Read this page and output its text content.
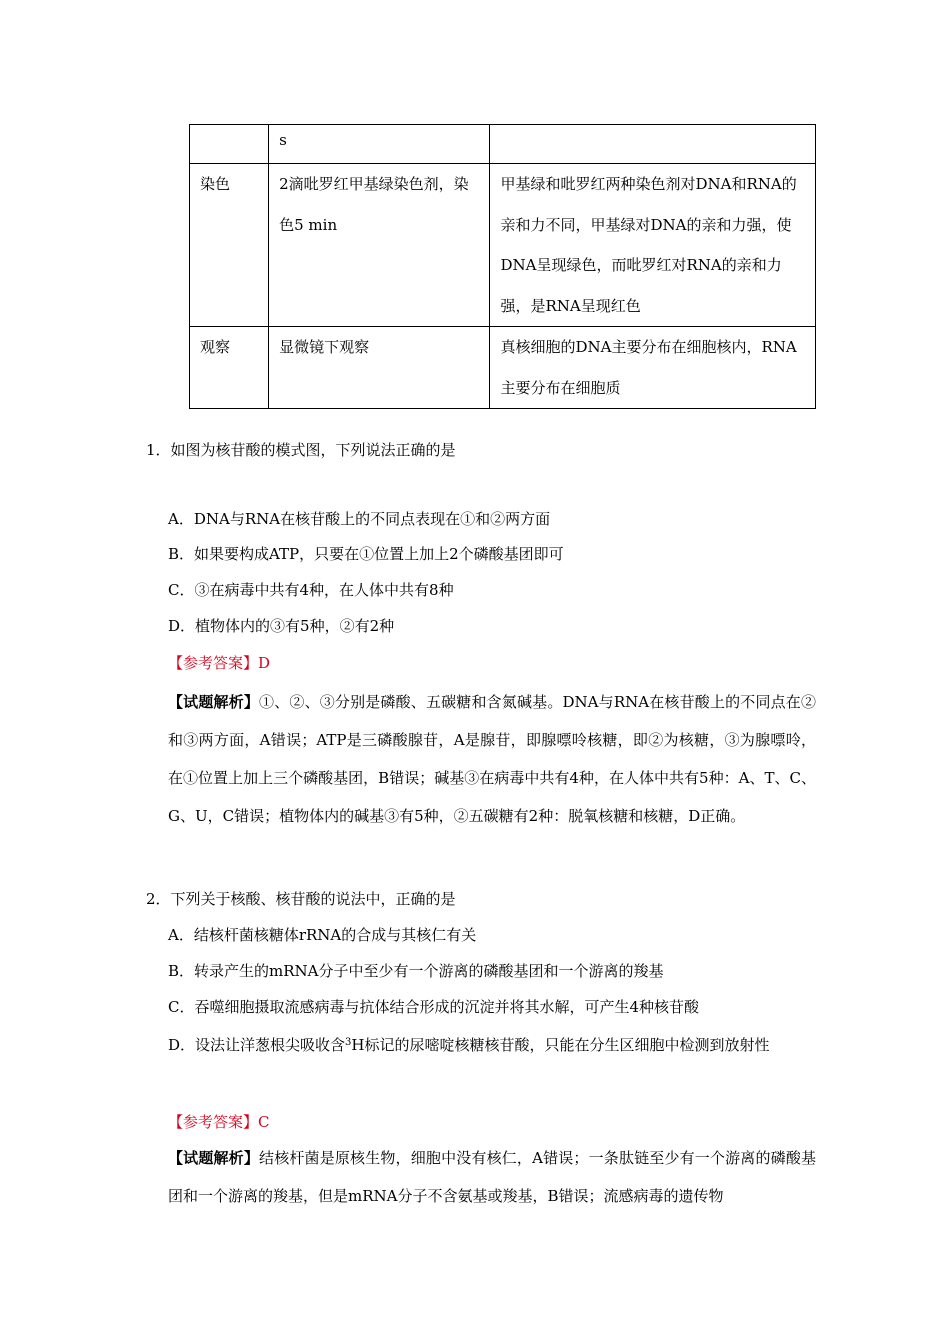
	s	
染色	2滴吡罗红甲基绿染色剂，染色5 min	甲基绿和吡罗红两种染色剂对DNA和RNA的亲和力不同，甲基绿对DNA的亲和力强，使DNA呈现绿色，而吡罗红对RNA的亲和力强，是RNA呈现红色
观察	显微镜下观察	真核细胞的DNA主要分布在细胞核内，RNA主要分布在细胞质
1．如图为核苷酸的模式图，下列说法正确的是
A．DNA与RNA在核苷酸上的不同点表现在①和②两方面
B．如果要构成ATP，只要在①位置上加上2个磷酸基团即可
C．③在病毒中共有4种，在人体中共有8种
D．植物体内的③有5种，②有2种
【参考答案】D
【试题解析】①、②、③分别是磷酸、五碳糖和含氮碱基。DNA与RNA在核苷酸上的不同点在②和③两方面，A错误；ATP是三磷酸腺苷，A是腺苷，即腺嘌呤核糖，即②为核糖，③为腺嘌呤，在①位置上加上三个磷酸基团，B错误；碱基③在病毒中共有4种，在人体中共有5种：A、T、C、G、U，C错误；植物体内的碱基③有5种，②五碳糖有2种：脱氧核糖和核糖，D正确。
2．下列关于核酸、核苷酸的说法中，正确的是
A．结核杆菌核糖体rRNA的合成与其核仁有关
B．转录产生的mRNA分子中至少有一个游离的磷酸基团和一个游离的羧基
C．吞噬细胞摄取流感病毒与抗体结合形成的沉淀并将其水解，可产生4种核苷酸
D．设法让洋葱根尖吸收含$^3$H标记的尿嘧啶核糖核苷酸，只能在分生区细胞中检测到放射性
【参考答案】C
【试题解析】结核杆菌是原核生物，细胞中没有核仁，A错误；一条肽链至少有一个游离的磷酸基团和一个游离的羧基，但是mRNA分子不含氨基或羧基，B错误；流感病毒的遗传物
